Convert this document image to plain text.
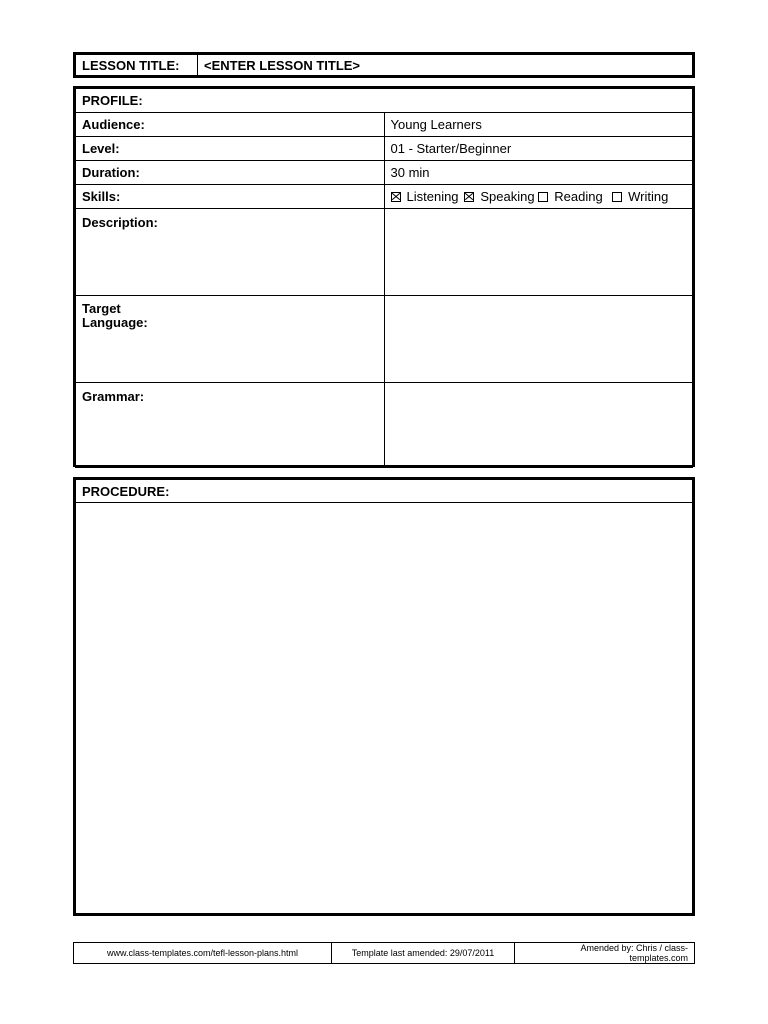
LESSON TITLE:	<ENTER LESSON TITLE>
PROFILE:	
Audience:	Young Learners
Level:	01 - Starter/Beginner
Duration:	30 min
Skills:	Listening Speaking Reading Writing

Description:	
Target
Language:	
Grammar:	
PROCEDURE:

www.class-templates.com/tefl-lesson-plans.html	Template last amended: 29/07/2011	Amended by: Chris / class-
templates.com
